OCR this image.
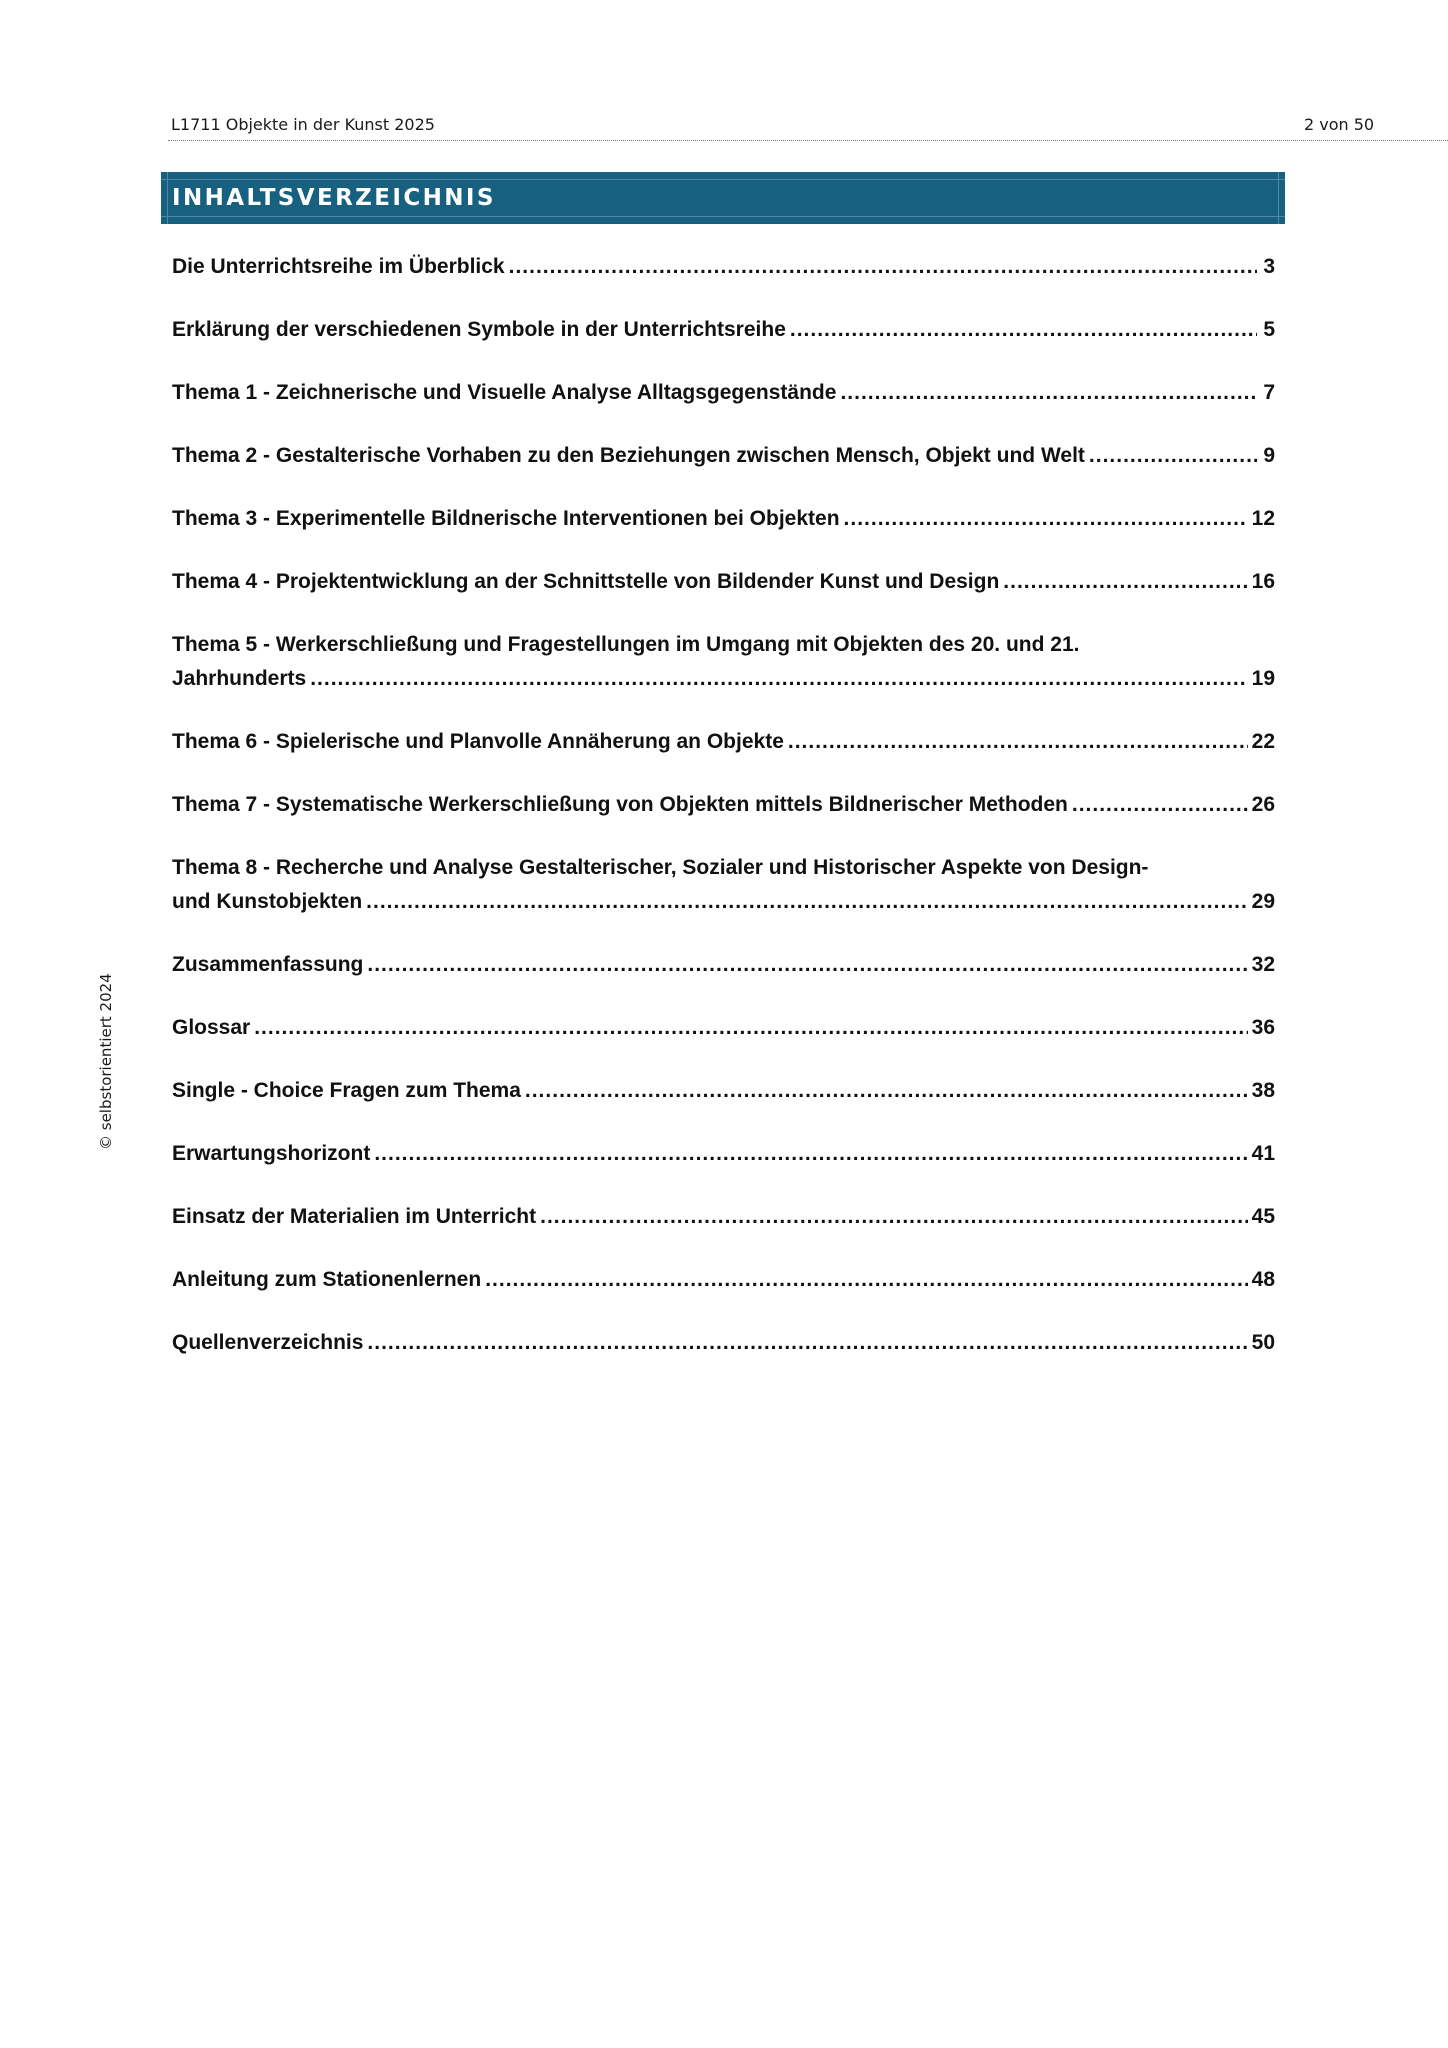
L1711 Objekte in der Kunst 2025	2 von 50
INHALTSVERZEICHNIS
Die Unterrichtsreihe im Überblick .....	3
Erklärung der verschiedenen Symbole in der Unterrichtsreihe .....	5
Thema 1 - Zeichnerische und Visuelle Analyse Alltagsgegenstände .....	7
Thema 2 - Gestalterische Vorhaben zu den Beziehungen zwischen Mensch, Objekt und Welt .....	9
Thema 3 - Experimentelle Bildnerische Interventionen bei Objekten .....	12
Thema 4 - Projektentwicklung an der Schnittstelle von Bildender Kunst und Design .....	16
Thema 5 - Werkerschließung und Fragestellungen im Umgang mit Objekten des 20. und 21.
Jahrhunderts .....	19
Thema 6 - Spielerische und Planvolle Annäherung an Objekte .....	22
Thema 7 - Systematische Werkerschließung von Objekten mittels Bildnerischer Methoden .....	26
Thema 8 - Recherche und Analyse Gestalterischer, Sozialer und Historischer Aspekte von Design-
und Kunstobjekten .....	29
Zusammenfassung .....	32
Glossar .....	36
Single - Choice Fragen zum Thema .....	38
Erwartungshorizont .....	41
Einsatz der Materialien im Unterricht .....	45
Anleitung zum Stationenlernen .....	48
Quellenverzeichnis .....	50
© selbstorientiert 2024
